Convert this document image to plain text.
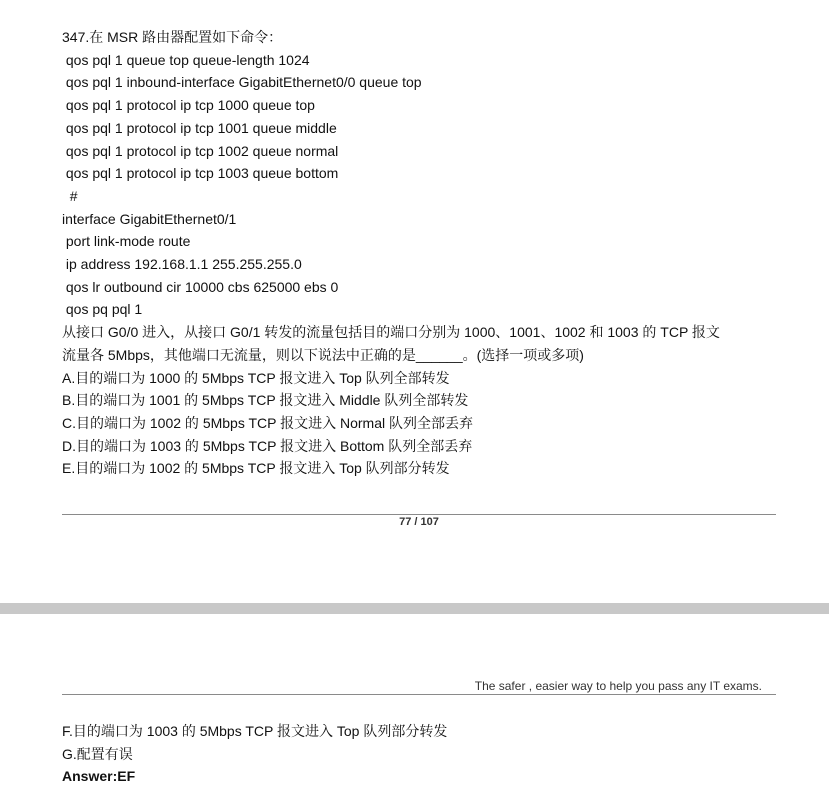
347.在 MSR 路由器配置如下命令：

qos pql 1 queue top queue-length 1024

qos pql 1 inbound-interface GigabitEthernet0/0 queue top

qos pql 1 protocol ip tcp 1000 queue top

qos pql 1 protocol ip tcp 1001 queue middle

qos pql 1 protocol ip tcp 1002 queue normal

qos pql 1 protocol ip tcp 1003 queue bottom

#

interface GigabitEthernet0/1

port link-mode route

ip address 192.168.1.1 255.255.255.0

qos lr outbound cir 10000 cbs 625000 ebs 0

qos pq pql 1

从接口 G0/0 进入，从接口 G0/1 转发的流量包括目的端口分别为 1000、1001、1002 和 1003 的 TCP 报文

流量各 5Mbps，其他端口无流量，则以下说法中正确的是______。(选择一项或多项)

A.目的端口为 1000 的 5Mbps TCP 报文进入 Top 队列全部转发

B.目的端口为 1001 的 5Mbps TCP 报文进入 Middle 队列全部转发

C.目的端口为 1002 的 5Mbps TCP 报文进入 Normal 队列全部丢弃

D.目的端口为 1003 的 5Mbps TCP 报文进入 Bottom 队列全部丢弃

E.目的端口为 1002 的 5Mbps TCP 报文进入 Top 队列部分转发

77 / 107
The safer , easier way to help you pass any IT exams.

F.目的端口为 1003 的 5Mbps TCP 报文进入 Top 队列部分转发

G.配置有误

Answer:EF
